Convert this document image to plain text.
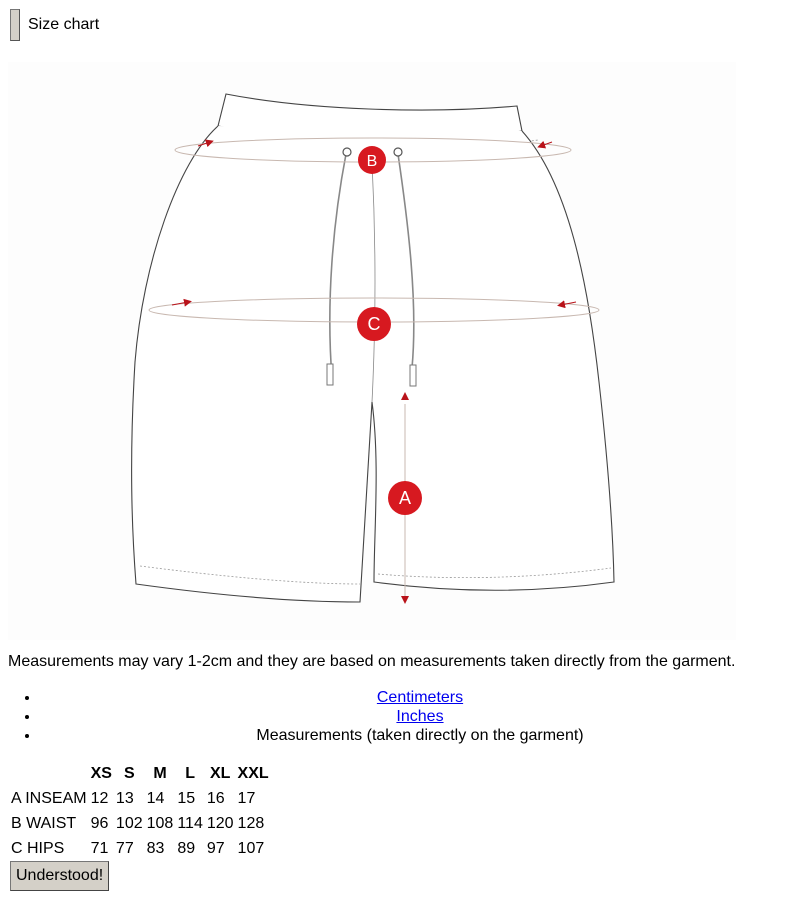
Size chart
B
C
A
Measurements may vary 1-2cm and they are based on measurements taken directly from the garment.
• Centimeters
• Inches
• Measurements (taken directly on the garment)
	XS	S	M	L	XL	XXL
A INSEAM	12	13	14	15	16	17
B WAIST	96	102	108	114	120	128
C HIPS	71	77	83	89	97	107
Understood!
